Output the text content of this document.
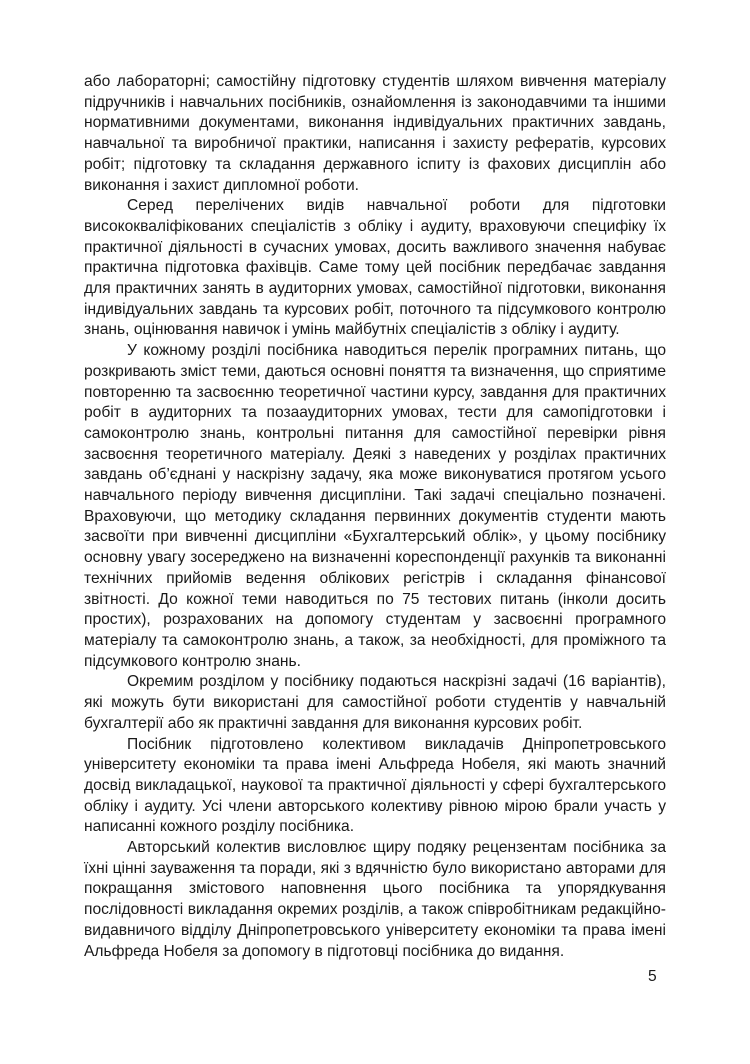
або лабораторні; самостійну підготовку студентів шляхом вивчення матеріалу підручників і навчальних посібників, ознайомлення із законодавчими та іншими нормативними документами, виконання індивідуальних практичних завдань, навчальної та виробничої практики, написання і захисту рефератів, курсових робіт; підготовку та складання державного іспиту із фахових дисциплін або виконання і захист дипломної роботи.

Серед перелічених видів навчальної роботи для підготовки висококваліфікованих спеціалістів з обліку і аудиту, враховуючи специфіку їх практичної діяльності в сучасних умовах, досить важливого значення набуває практична підготовка фахівців. Саме тому цей посібник передбачає завдання для практичних занять в аудиторних умовах, самостійної підготовки, виконання індивідуальних завдань та курсових робіт, поточного та підсумкового контролю знань, оцінювання навичок і умінь майбутніх спеціалістів з обліку і аудиту.

У кожному розділі посібника наводиться перелік програмних питань, що розкривають зміст теми, даються основні поняття та визначення, що сприятиме повторенню та засвоєнню теоретичної частини курсу, завдання для практичних робіт в аудиторних та позааудиторних умовах, тести для самопідготовки і самоконтролю знань, контрольні питання для самостійної перевірки рівня засвоєння теоретичного матеріалу. Деякі з наведених у розділах практичних завдань об’єднані у наскрізну задачу, яка може виконуватися протягом усього навчального періоду вивчення дисципліни. Такі задачі спеціально позначені. Враховуючи, що методику складання первинних документів студенти мають засвоїти при вивченні дисципліни «Бухгалтерський облік», у цьому посібнику основну увагу зосереджено на визначенні кореспонденції рахунків та виконанні технічних прийомів ведення облікових регістрів і складання фінансової звітності. До кожної теми наводиться по 75 тестових питань (інколи досить простих), розрахованих на допомогу студентам у засвоєнні програмного матеріалу та самоконтролю знань, а також, за необхідності, для проміжного та підсумкового контролю знань.

Окремим розділом у посібнику подаються наскрізні задачі (16 варіантів), які можуть бути використані для самостійної роботи студентів у навчальній бухгалтерії або як практичні завдання для виконання курсових робіт.

Посібник підготовлено колективом викладачів Дніпропетровського університету економіки та права імені Альфреда Нобеля, які мають значний досвід викладацької, наукової та практичної діяльності у сфері бухгалтерського обліку і аудиту. Усі члени авторського колективу рівною мірою брали участь у написанні кожного розділу посібника.

Авторський колектив висловлює щиру подяку рецензентам посібника за їхні цінні зауваження та поради, які з вдячністю було використано авторами для покращання змістового наповнення цього посібника та упорядкування послідовності викладання окремих розділів, а також співробітникам редакційно-видавничого відділу Дніпропетровського університету економіки та права імені Альфреда Нобеля за допомогу в підготовці посібника до видання.

5
